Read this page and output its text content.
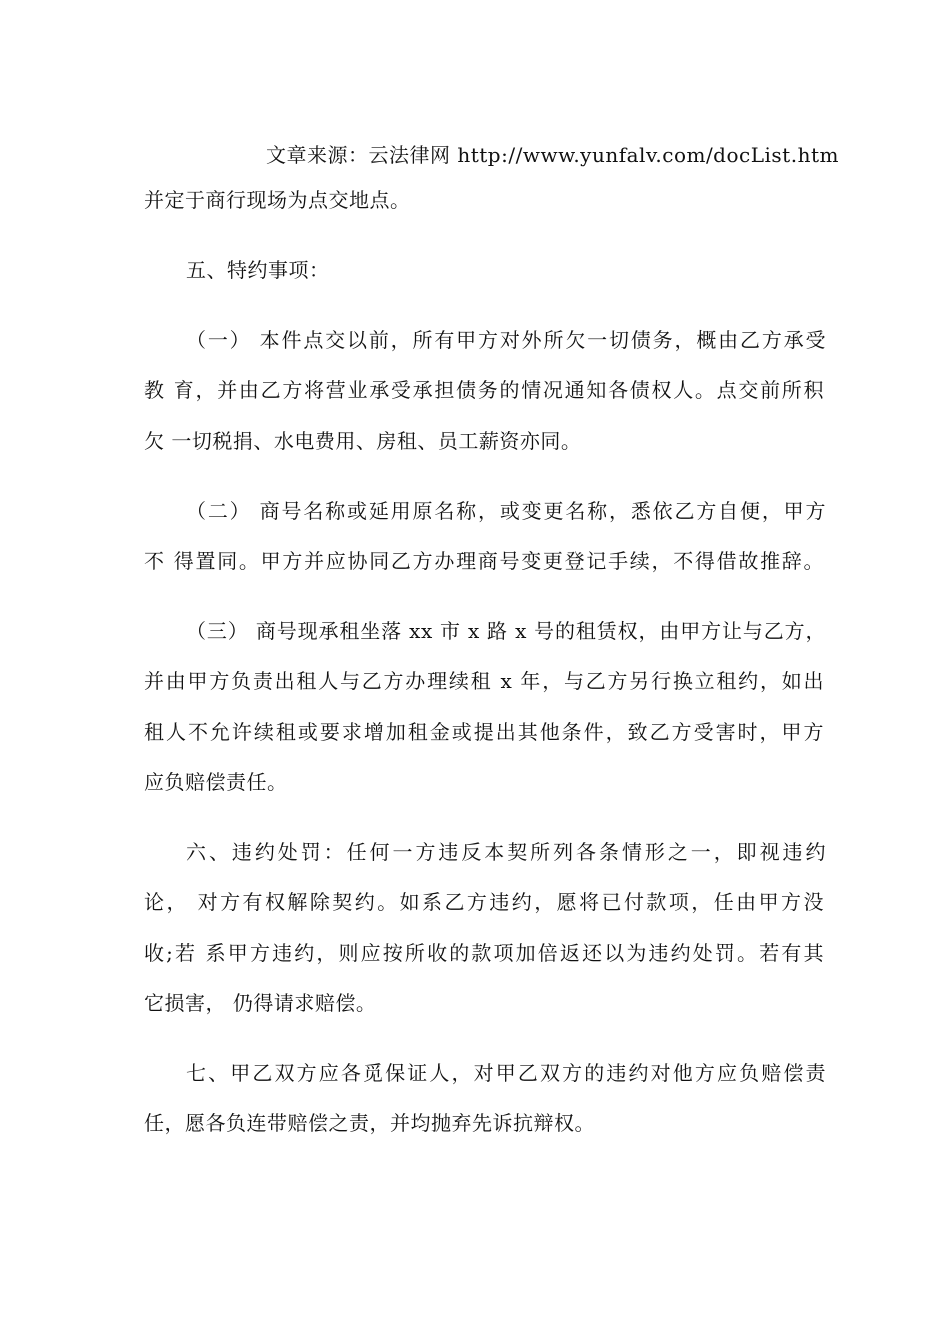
文章来源：云法律网 http://www.yunfalv.com/docList.htm
并定于商行现场为点交地点。
五、特约事项：
（一） 本件点交以前，所有甲方对外所欠一切债务，概由乙方承受
教 育，并由乙方将营业承受承担债务的情况通知各债权人。点交前所积
欠 一切税捐、水电费用、房租、员工薪资亦同。
（二） 商号名称或延用原名称，或变更名称，悉依乙方自便，甲方
不 得置同。甲方并应协同乙方办理商号变更登记手续，不得借故推辞。
（三） 商号现承租坐落 xx 市 x 路 x 号的租赁权，由甲方让与乙方，
并由甲方负责出租人与乙方办理续租 x 年，与乙方另行换立租约，如出
租人不允许续租或要求增加租金或提出其他条件，致乙方受害时，甲方
应负赔偿责任。
六、违约处罚：任何一方违反本契所列各条情形之一，即视违约
论， 对方有权解除契约。如系乙方违约，愿将已付款项，任由甲方没
收;若 系甲方违约，则应按所收的款项加倍返还以为违约处罚。若有其
它损害， 仍得请求赔偿。
七、甲乙双方应各觅保证人，对甲乙双方的违约对他方应负赔偿责
任，愿各负连带赔偿之责，并均抛弃先诉抗辩权。
